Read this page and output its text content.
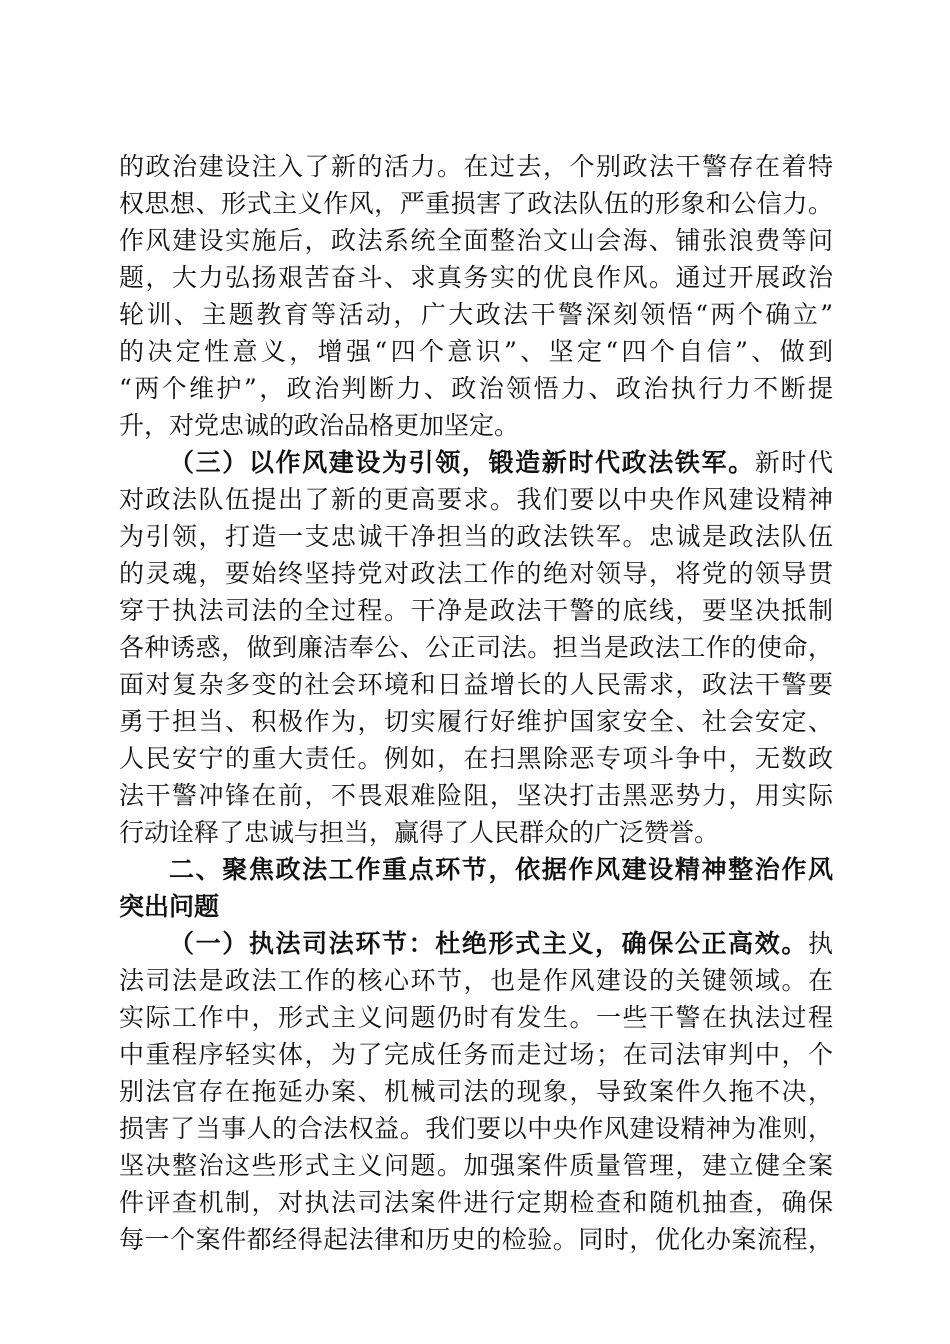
的政治建设注入了新的活力。在过去，个别政法干警存在着特
权思想、形式主义作风，严重损害了政法队伍的形象和公信力。
作风建设实施后，政法系统全面整治文山会海、铺张浪费等问
题，大力弘扬艰苦奋斗、求真务实的优良作风。通过开展政治
轮训、主题教育等活动，广大政法干警深刻领悟“两个确立”
的决定性意义，增强“四个意识”、坚定“四个自信”、做到
“两个维护”，政治判断力、政治领悟力、政治执行力不断提
升，对党忠诚的政治品格更加坚定。
（三）以作风建设为引领，锻造新时代政法铁军。新时代
对政法队伍提出了新的更高要求。我们要以中央作风建设精神
为引领，打造一支忠诚干净担当的政法铁军。忠诚是政法队伍
的灵魂，要始终坚持党对政法工作的绝对领导，将党的领导贯
穿于执法司法的全过程。干净是政法干警的底线，要坚决抵制
各种诱惑，做到廉洁奉公、公正司法。担当是政法工作的使命，
面对复杂多变的社会环境和日益增长的人民需求，政法干警要
勇于担当、积极作为，切实履行好维护国家安全、社会安定、
人民安宁的重大责任。例如，在扫黑除恶专项斗争中，无数政
法干警冲锋在前，不畏艰难险阻，坚决打击黑恶势力，用实际
行动诠释了忠诚与担当，赢得了人民群众的广泛赞誉。
二、聚焦政法工作重点环节，依据作风建设精神整治作风
突出问题
（一）执法司法环节：杜绝形式主义，确保公正高效。执
法司法是政法工作的核心环节，也是作风建设的关键领域。在
实际工作中，形式主义问题仍时有发生。一些干警在执法过程
中重程序轻实体，为了完成任务而走过场；在司法审判中，个
别法官存在拖延办案、机械司法的现象，导致案件久拖不决，
损害了当事人的合法权益。我们要以中央作风建设精神为准则，
坚决整治这些形式主义问题。加强案件质量管理，建立健全案
件评查机制，对执法司法案件进行定期检查和随机抽查，确保
每一个案件都经得起法律和历史的检验。同时，优化办案流程，
